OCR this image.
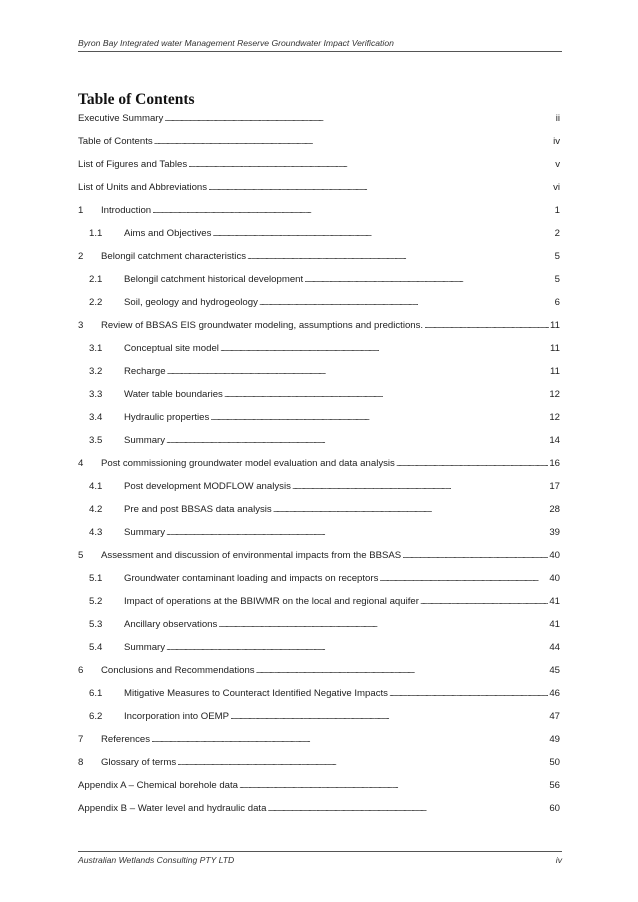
Byron Bay Integrated water Management Reserve Groundwater Impact Verification
Table of Contents
Executive Summary . . .	ii
Table of Contents . . .	iv
List of Figures and Tables . . .	v
List of Units and Abbreviations . . .	vi
1	Introduction . . .	1
1.1	Aims and Objectives . . .	2
2	Belongil catchment characteristics . . .	5
2.1	Belongil catchment historical development . . .	5
2.2	Soil, geology and hydrogeology . . .	6
3	Review of BBSAS EIS groundwater modeling, assumptions and predictions. . . .	11
3.1	Conceptual site model . . .	11
3.2	Recharge . . .	11
3.3	Water table boundaries . . .	12
3.4	Hydraulic properties . . .	12
3.5	Summary . . .	14
4	Post commissioning groundwater model evaluation and data analysis . . .	16
4.1	Post development MODFLOW analysis . . .	17
4.2	Pre and post BBSAS data analysis . . .	28
4.3	Summary . . .	39
5	Assessment and discussion of environmental impacts from the BBSAS . . .	40
5.1	Groundwater contaminant loading and impacts on receptors . . .	40
5.2	Impact of operations at the BBIWMR on the local and regional aquifer . . .	41
5.3	Ancillary observations . . .	41
5.4	Summary . . .	44
6	Conclusions and Recommendations . . .	45
6.1	Mitigative Measures to Counteract Identified Negative Impacts . . .	46
6.2	Incorporation into OEMP . . .	47
7	References . . .	49
8	Glossary of terms . . .	50
Appendix A – Chemical borehole data . . .	56
Appendix B – Water level and hydraulic data . . .	60
Australian Wetlands Consulting PTY LTD	iv
